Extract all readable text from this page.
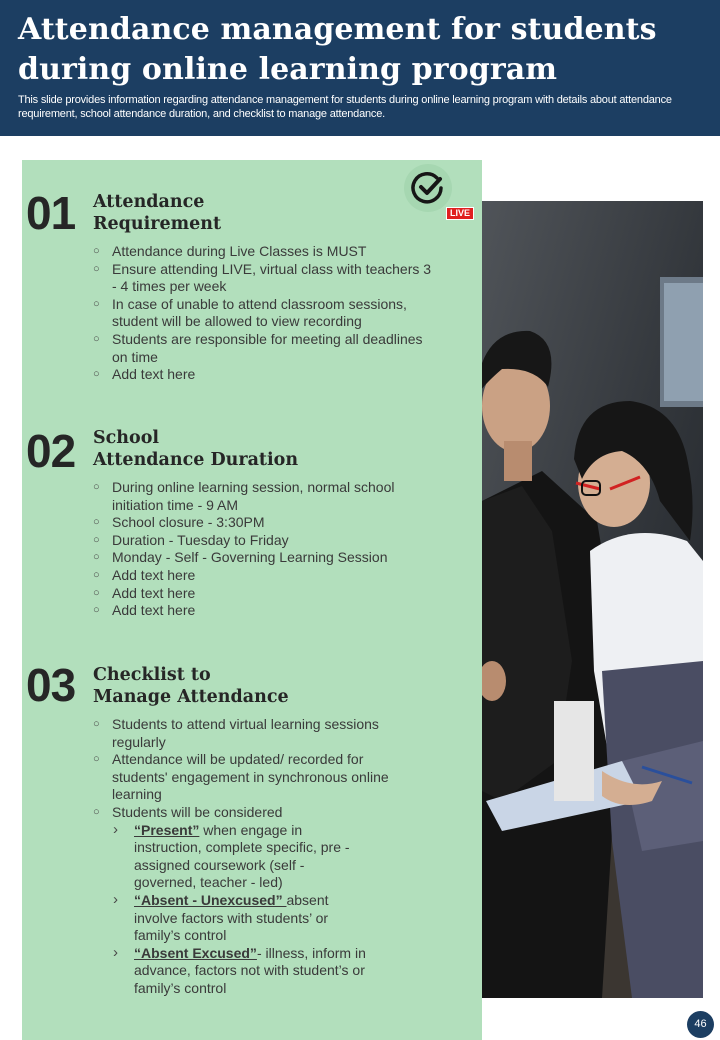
Attendance management for students during online learning program
This slide provides information regarding attendance management for students during online learning program with details about attendance requirement, school attendance duration, and checklist to manage attendance.
LIVE
01 Attendance
Requirement
○ Attendance during Live Classes is MUST
○ Ensure attending LIVE, virtual class with teachers 3 - 4 times per week
○ In case of unable to attend classroom sessions, student will be allowed to view recording
○ Students are responsible for meeting all deadlines on time
○ Add text here
02 School
Attendance Duration
○ During online learning session, normal school initiation time - 9 AM
○ School closure - 3:30PM
○ Duration - Tuesday to Friday
○ Monday - Self - Governing Learning Session
○ Add text here
○ Add text here
○ Add text here
03 Checklist to
Manage Attendance
○ Students to attend virtual learning sessions regularly
○ Attendance will be updated/ recorded for students' engagement in synchronous online learning
○ Students will be considered
› “Present” when engage in instruction, complete specific, pre - assigned coursework (self - governed, teacher - led)
› “Absent - Unexcused” absent involve factors with students’ or family’s control
› “Absent Excused”- illness, inform in advance, factors not with student’s or family’s control
46
